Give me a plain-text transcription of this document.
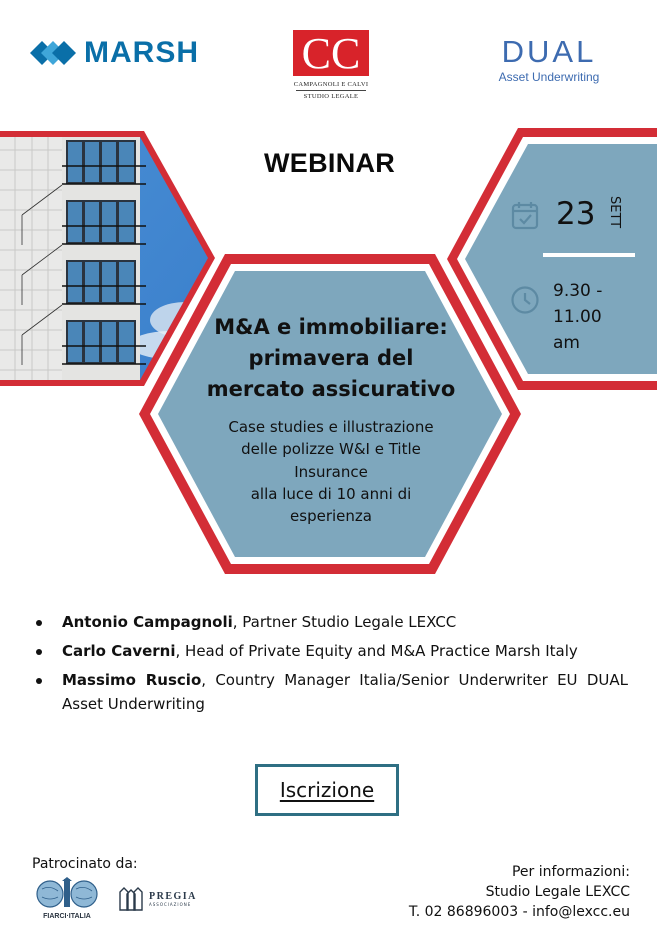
MARSH CC
CAMPAGNOLI E CALVI
STUDIO LEGALE
DUAL
Asset Underwriting
WEBINAR
23 SETT
9.30 - 11.00
am
M&A e immobiliare:
primavera del
mercato assicurativo
Case studies e illustrazione
delle polizze W&I e Title
Insurance
alla luce di 10 anni di
esperienza
Antonio Campagnoli, Partner Studio Legale LEXCC
Carlo Caverni, Head of Private Equity and M&A Practice Marsh Italy
Massimo Ruscio, Country Manager Italia/Senior Underwriter EU DUAL Asset Underwriting
Iscrizione
Patrocinato da:
FIARCI·ITALIA
PREGIA
ASSOCIAZIONE
Per informazioni:
Studio Legale LEXCC
T. 02 86896003 - info@lexcc.eu
